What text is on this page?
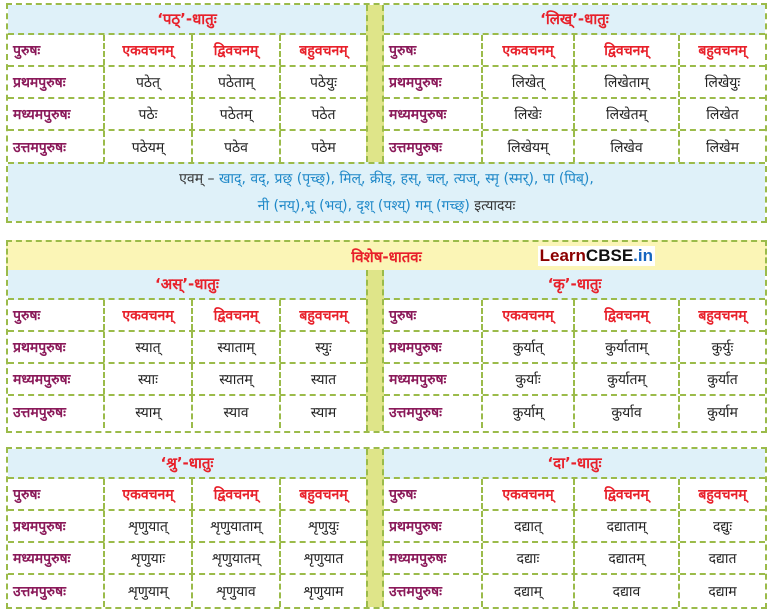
‘पठ्’-धातुः
पुरुषः	एकवचनम्	द्विवचनम्	बहुवचनम्
प्रथमपुरुषः	पठेत्	पठेताम्	पठेयुः
मध्यमपुरुषः	पठेः	पठेतम्	पठेत
उत्तमपुरुषः	पठेयम्	पठेव	पठेम
‘लिख्’-धातुः
पुरुषः	एकवचनम्	द्विवचनम्	बहुवचनम्
प्रथमपुरुषः	लिखेत्	लिखेताम्	लिखेयुः
मध्यमपुरुषः	लिखेः	लिखेतम्	लिखेत
उत्तमपुरुषः	लिखेयम्	लिखेव	लिखेम
एवम् – खाद्, वद्, प्रछ् (पृच्छ्), मिल्, क्रीड्, हस्, चल्, त्यज्, स्मृ (स्मर्), पा (पिब्),
नी (नय्),भू (भव्), दृश् (पश्य्) गम् (गच्छ्) इत्यादयः
विशेष-धातवः	LearnCBSE.in
‘अस्’-धातुः
पुरुषः	एकवचनम्	द्विवचनम्	बहुवचनम्
प्रथमपुरुषः	स्यात्	स्याताम्	स्युः
मध्यमपुरुषः	स्याः	स्यातम्	स्यात
उत्तमपुरुषः	स्याम्	स्याव	स्याम
‘कृ’-धातुः
पुरुषः	एकवचनम्	द्विवचनम्	बहुवचनम्
प्रथमपुरुषः	कुर्यात्	कुर्याताम्	कुर्युः
मध्यमपुरुषः	कुर्याः	कुर्यातम्	कुर्यात
उत्तमपुरुषः	कुर्याम्	कुर्याव	कुर्याम
‘श्रु’-धातुः
पुरुषः	एकवचनम्	द्विवचनम्	बहुवचनम्
प्रथमपुरुषः	शृणुयात्	शृणुयाताम्	शृणुयुः
मध्यमपुरुषः	शृणुयाः	शृणुयातम्	शृणुयात
उत्तमपुरुषः	शृणुयाम्	शृणुयाव	शृणुयाम
‘दा’-धातुः
पुरुषः	एकवचनम्	द्विवचनम्	बहुवचनम्
प्रथमपुरुषः	दद्यात्	दद्याताम्	दद्युः
मध्यमपुरुषः	दद्याः	दद्यातम्	दद्यात
उत्तमपुरुषः	दद्याम्	दद्याव	दद्याम
